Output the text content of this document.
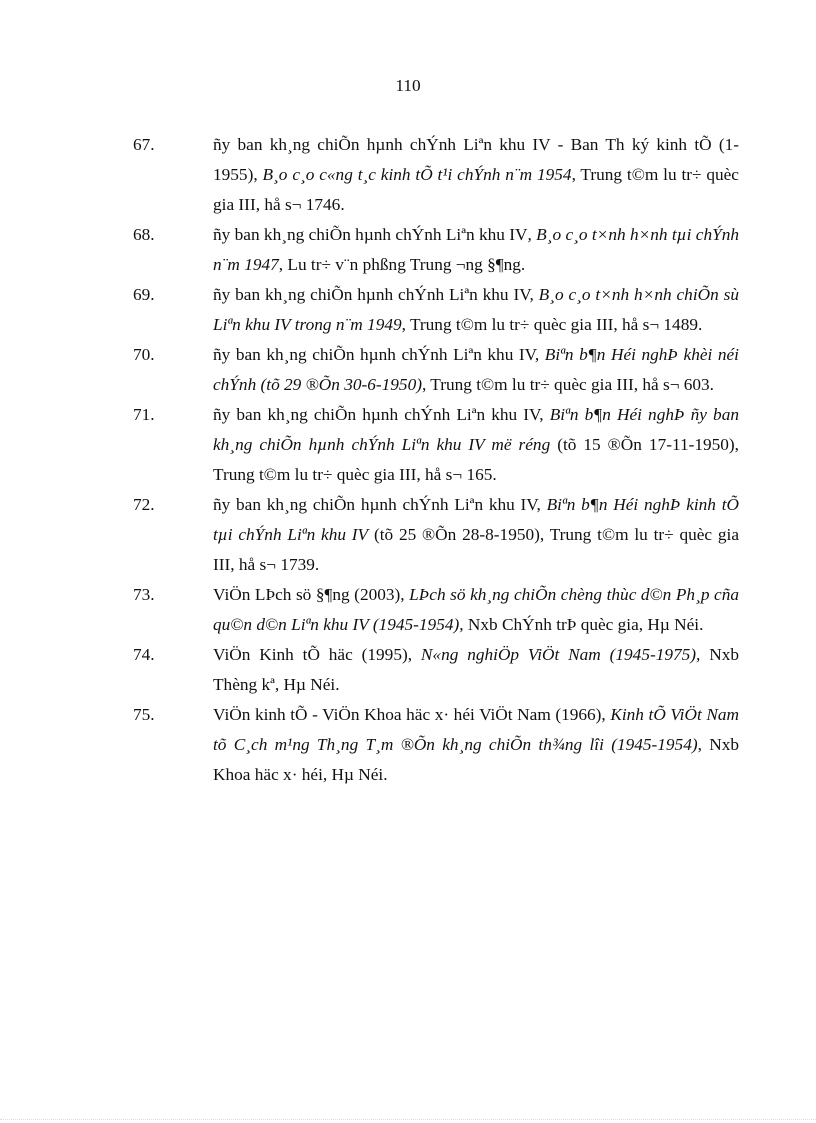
110
67.	ñy ban kh¸ng chiÕn hµnh chÝnh Liªn khu IV - Ban Th ký kinh tÕ (1-1955), B¸o c¸o c«ng t¸c kinh tÕ t¹i chÝnh n¨m 1954, Trung t©m lu tr÷ quèc gia III, hå s¬ 1746.
68.	ñy ban kh¸ng chiÕn hµnh chÝnh Liªn khu IV, B¸o c¸o t×nh h×nh tµi chÝnh n¨m 1947, Lu tr÷ v¨n phßng Trung ¬ng §¶ng.
69.	ñy ban kh¸ng chiÕn hµnh chÝnh Liªn khu IV, B¸o c¸o t×nh h×nh chiÕn sù Liªn khu IV trong n¨m 1949, Trung t©m lu tr÷ quèc gia III, hå s¬ 1489.
70.	ñy ban kh¸ng chiÕn hµnh chÝnh Liªn khu IV, Biªn b¶n Héi nghÞ khèi néi chÝnh (tõ 29 ®Õn 30-6-1950), Trung t©m lu tr÷ quèc gia III, hå s¬ 603.
71.	ñy ban kh¸ng chiÕn hµnh chÝnh Liªn khu IV, Biªn b¶n Héi nghÞ ñy ban kh¸ng chiÕn hµnh chÝnh Liªn khu IV më réng (tõ 15 ®Õn 17-11-1950), Trung t©m lu tr÷ quèc gia III, hå s¬ 165.
72.	ñy ban kh¸ng chiÕn hµnh chÝnh Liªn khu IV, Biªn b¶n Héi nghÞ kinh tÕ tµi chÝnh Liªn khu IV (tõ 25 ®Õn 28-8-1950), Trung t©m lu tr÷ quèc gia III, hå s¬ 1739.
73.	ViÖn LÞch sö §¶ng (2003), LÞch sö kh¸ng chiÕn chèng thùc d©n Ph¸p cña qu©n d©n Liªn khu IV (1945-1954), Nxb ChÝnh trÞ quèc gia, Hµ Néi.
74.	ViÖn Kinh tÕ häc (1995), N«ng nghiÖp ViÖt Nam (1945-1975), Nxb Thèng kª, Hµ Néi.
75.	ViÖn kinh tÕ - ViÖn Khoa häc x· héi ViÖt Nam (1966), Kinh tÕ ViÖt Nam tõ C¸ch m¹ng Th¸ng T¸m ®Õn kh¸ng chiÕn th¾ng lîi (1945-1954), Nxb Khoa häc x· héi, Hµ Néi.
